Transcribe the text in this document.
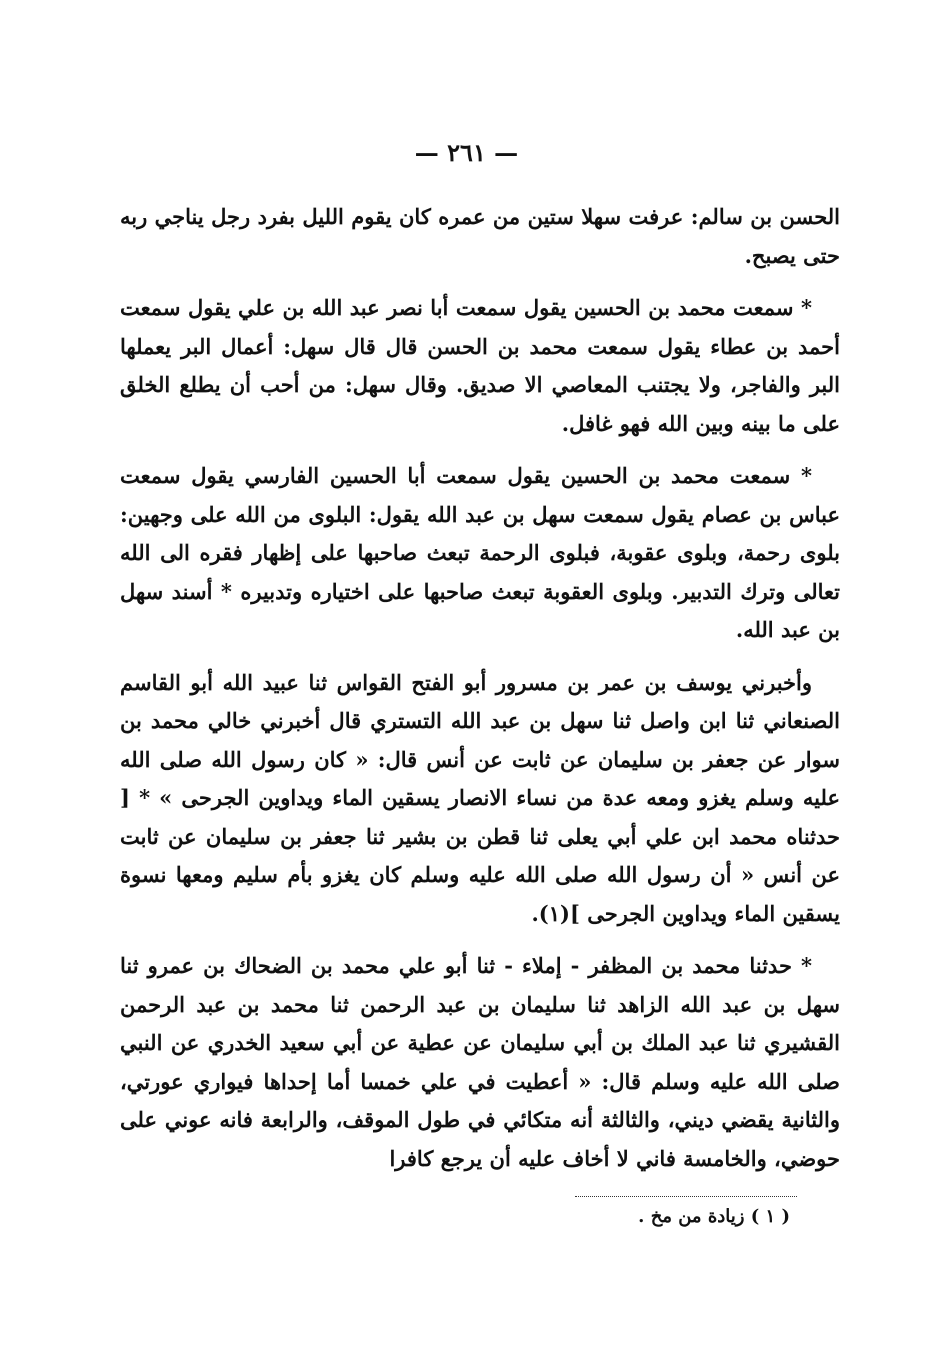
— ٢٦١ —

الحسن بن سالم: عرفت سهلا ستين من عمره كان يقوم الليل بفرد رجل يناجي ربه حتى يصبح.

* سمعت محمد بن الحسين يقول سمعت أبا نصر عبد الله بن علي يقول سمعت أحمد بن عطاء يقول سمعت محمد بن الحسن قال قال سهل: أعمال البر يعملها البر والفاجر، ولا يجتنب المعاصي الا صديق. وقال سهل: من أحب أن يطلع الخلق على ما بينه وبين الله فهو غافل.

* سمعت محمد بن الحسين يقول سمعت أبا الحسين الفارسي يقول سمعت عباس بن عصام يقول سمعت سهل بن عبد الله يقول: البلوى من الله على وجهين: بلوى رحمة، وبلوى عقوبة، فبلوى الرحمة تبعث صاحبها على إظهار فقره الى الله تعالى وترك التدبير. وبلوى العقوبة تبعث صاحبها على اختياره وتدبيره * أسند سهل بن عبد الله.

وأخبرني يوسف بن عمر بن مسرور أبو الفتح القواس ثنا عبيد الله أبو القاسم الصنعاني ثنا ابن واصل ثنا سهل بن عبد الله التستري قال أخبرني خالي محمد بن سوار عن جعفر بن سليمان عن ثابت عن أنس قال: « كان رسول الله صلى الله عليه وسلم يغزو ومعه عدة من نساء الانصار يسقين الماء ويداوين الجرحى » * [ حدثناه محمد ابن علي أبي يعلى ثنا قطن بن بشير ثنا جعفر بن سليمان عن ثابت عن أنس « أن رسول الله صلى الله عليه وسلم كان يغزو بأم سليم ومعها نسوة يسقين الماء ويداوين الجرحى ](١).

* حدثنا محمد بن المظفر - إملاء - ثنا أبو علي محمد بن الضحاك بن عمرو ثنا سهل بن عبد الله الزاهد ثنا سليمان بن عبد الرحمن ثنا محمد بن عبد الرحمن القشيري ثنا عبد الملك بن أبي سليمان عن عطية عن أبي سعيد الخدري عن النبي صلى الله عليه وسلم قال: « أعطيت في علي خمسا أما إحداها فيواري عورتي، والثانية يقضي ديني، والثالثة أنه متكائي في طول الموقف، والرابعة فانه عوني على حوضي، والخامسة فاني لا أخاف عليه أن يرجع كافرا

( ١ ) زيادة من مخ .
